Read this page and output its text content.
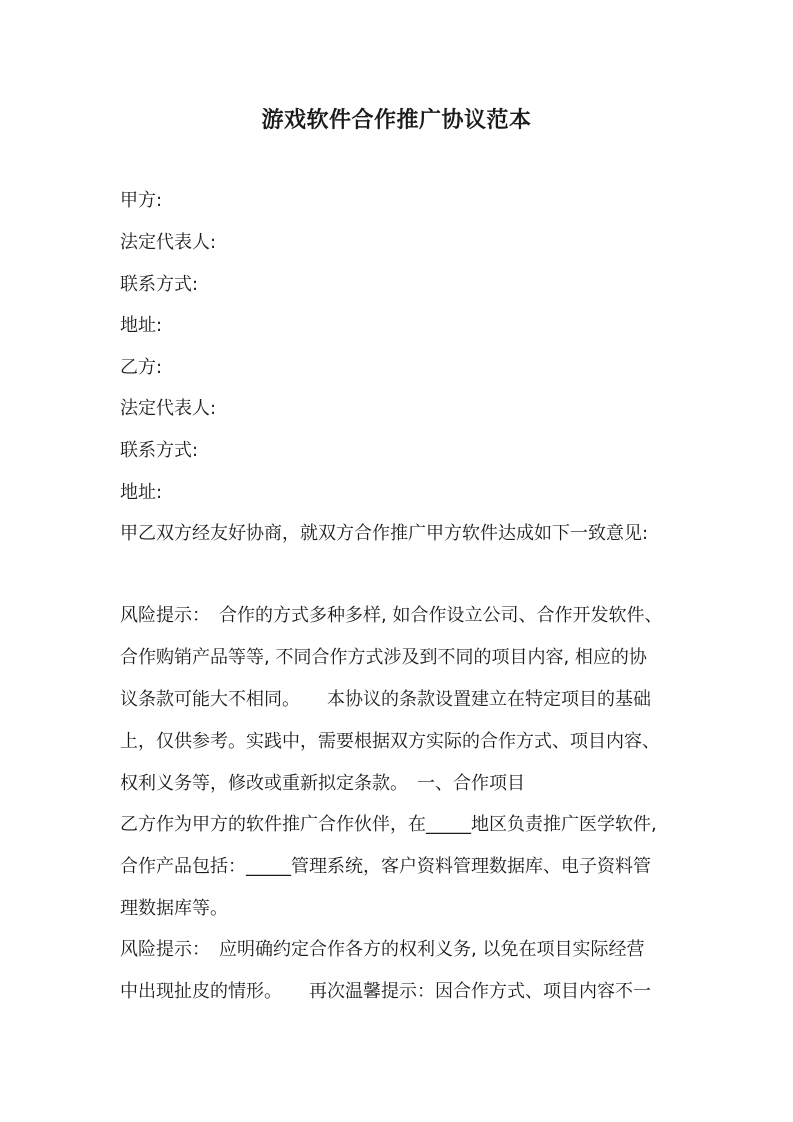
游戏软件合作推广协议范本
甲方:
法定代表人:
联系方式:
地址:
乙方:
法定代表人:
联系方式:
地址:
甲乙双方经友好协商，就双方合作推广甲方软件达成如下一致意见:
风险提示：　合作的方式多种多样, 如合作设立公司、合作开发软件、
合作购销产品等等, 不同合作方式涉及到不同的项目内容, 相应的协
议条款可能大不相同。　　本协议的条款设置建立在特定项目的基础
上，仅供参考。实践中，需要根据双方实际的合作方式、项目内容、
权利义务等，修改或重新拟定条款。　一、合作项目
乙方作为甲方的软件推广合作伙伴，在_____地区负责推广医学软件,
合作产品包括：_____管理系统，客户资料管理数据库、电子资料管
理数据库等。
风险提示：　应明确约定合作各方的权利义务, 以免在项目实际经营
中出现扯皮的情形。　　再次温馨提示：因合作方式、项目内容不一
